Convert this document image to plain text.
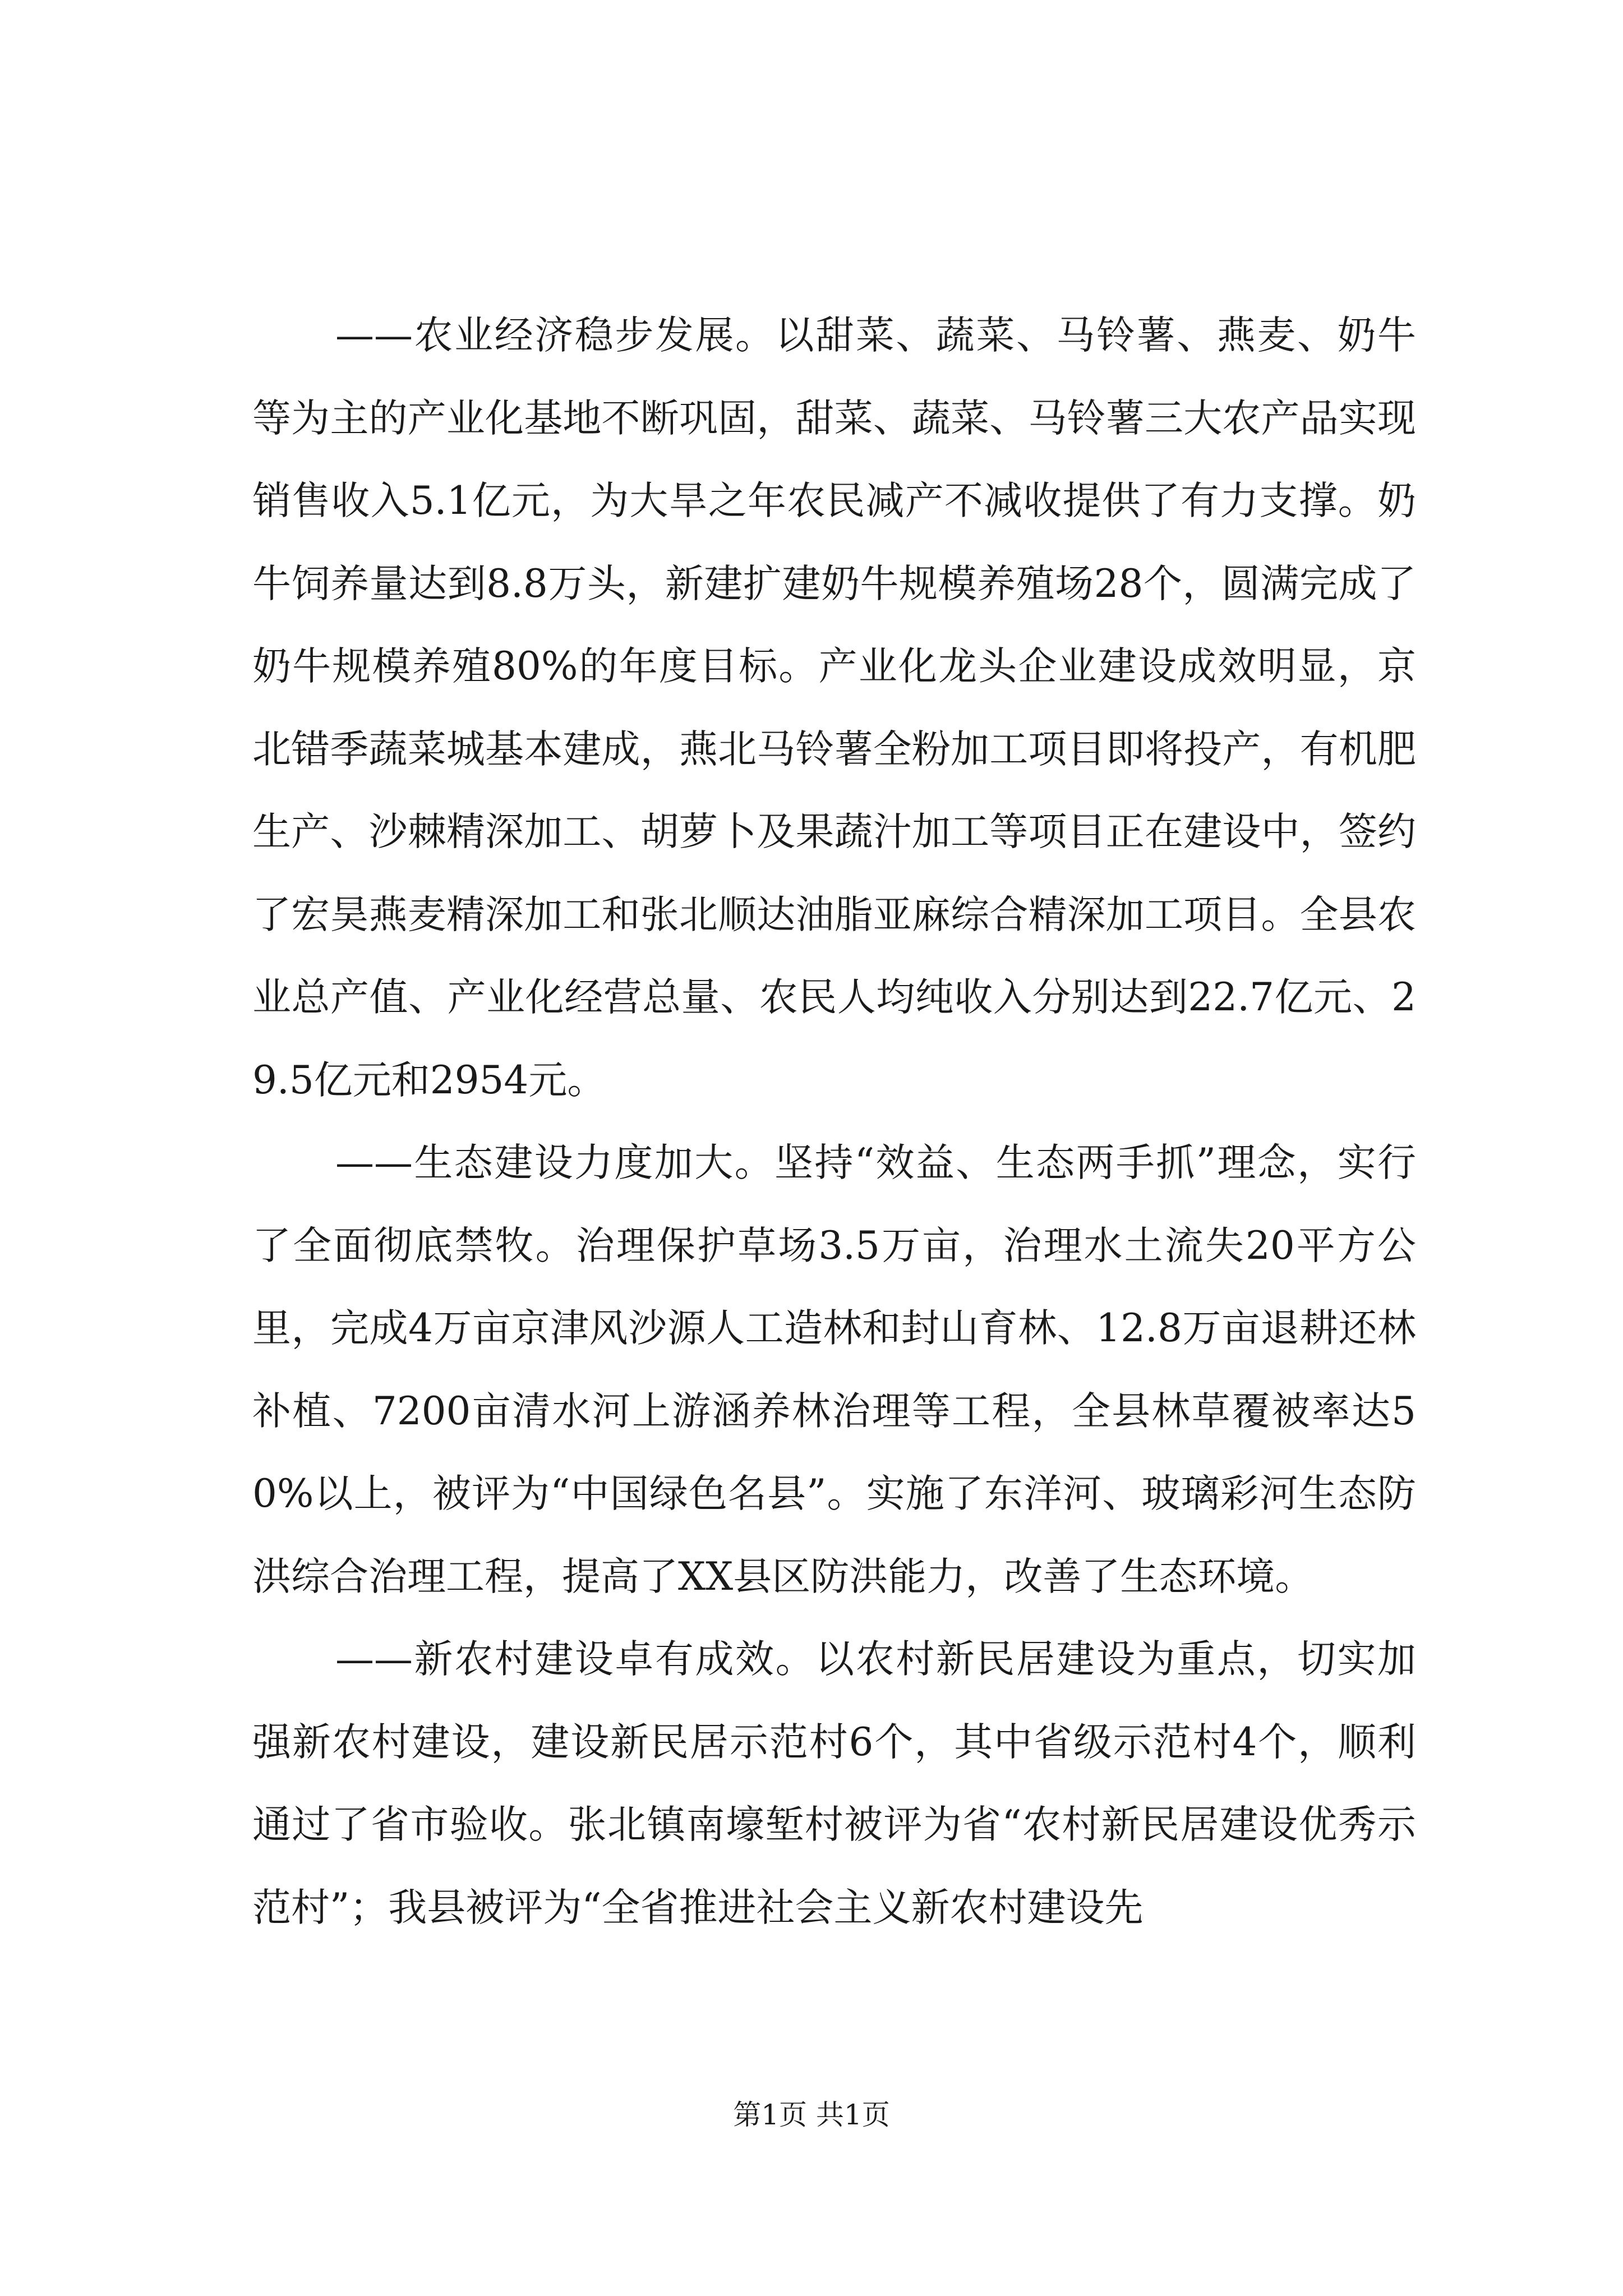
——农业经济稳步发展。以甜菜、蔬菜、马铃薯、燕麦、奶牛等为主的产业化基地不断巩固，甜菜、蔬菜、马铃薯三大农产品实现销售收入5.1亿元，为大旱之年农民减产不减收提供了有力支撑。奶牛饲养量达到8.8万头，新建扩建奶牛规模养殖场28个，圆满完成了奶牛规模养殖80%的年度目标。产业化龙头企业建设成效明显，京北错季蔬菜城基本建成，燕北马铃薯全粉加工项目即将投产，有机肥生产、沙棘精深加工、胡萝卜及果蔬汁加工等项目正在建设中，签约了宏昊燕麦精深加工和张北顺达油脂亚麻综合精深加工项目。全县农业总产值、产业化经营总量、农民人均纯收入分别达到22.7亿元、29.5亿元和2954元。

——生态建设力度加大。坚持“效益、生态两手抓”理念，实行了全面彻底禁牧。治理保护草场3.5万亩，治理水土流失20平方公里，完成4万亩京津风沙源人工造林和封山育林、12.8万亩退耕还林补植、7200亩清水河上游涵养林治理等工程，全县林草覆被率达50%以上，被评为“中国绿色名县”。实施了东洋河、玻璃彩河生态防洪综合治理工程，提高了XX县区防洪能力，改善了生态环境。

——新农村建设卓有成效。以农村新民居建设为重点，切实加强新农村建设，建设新民居示范村6个，其中省级示范村4个，顺利通过了省市验收。张北镇南壕堑村被评为省“农村新民居建设优秀示范村”；我县被评为“全省推进社会主义新农村建设先

第1页 共1页
